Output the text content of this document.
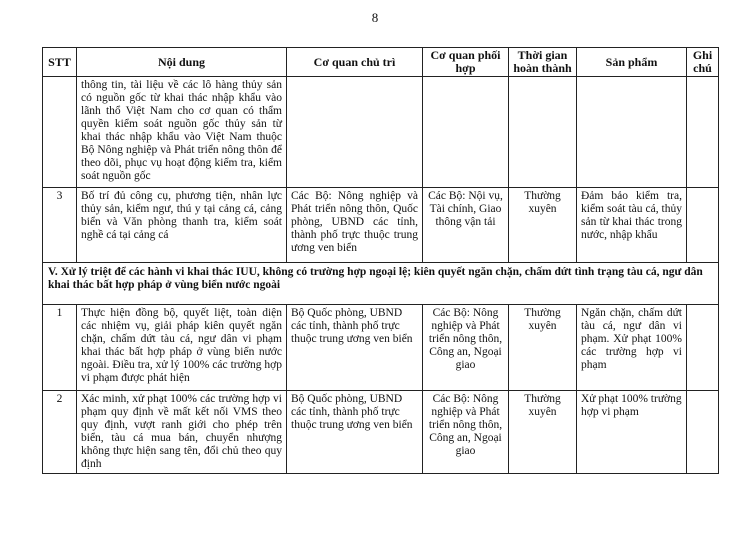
8
STT	Nội dung	Cơ quan chủ trì	Cơ quan phối hợp	Thời gian hoàn thành	Sản phẩm	Ghi chú
	thông tin, tài liệu về các lô hàng thủy sản có nguồn gốc từ khai thác nhập khẩu vào lãnh thổ Việt Nam cho cơ quan có thẩm quyền kiểm soát nguồn gốc thủy sản từ khai thác nhập khẩu vào Việt Nam thuộc Bộ Nông nghiệp và Phát triển nông thôn để theo dõi, phục vụ hoạt động kiểm tra, kiểm soát nguồn gốc					
3	Bố trí đủ công cụ, phương tiện, nhân lực thủy sản, kiểm ngư, thú y tại cảng cá, cảng biển và Văn phòng thanh tra, kiểm soát nghề cá tại cảng cá	Các Bộ: Nông nghiệp và Phát triển nông thôn, Quốc phòng, UBND các tỉnh, thành phố trực thuộc trung ương ven biển	Các Bộ: Nội vụ, Tài chính, Giao thông vận tải	Thường xuyên	Đảm bảo kiểm tra, kiểm soát tàu cá, thủy sản từ khai thác trong nước, nhập khẩu	
V. Xử lý triệt để các hành vi khai thác IUU, không có trường hợp ngoại lệ; kiên quyết ngăn chặn, chấm dứt tình trạng tàu cá, ngư dân khai thác bất hợp pháp ở vùng biển nước ngoài						
1	Thực hiện đồng bộ, quyết liệt, toàn diện các nhiệm vụ, giải pháp kiên quyết ngăn chặn, chấm dứt tàu cá, ngư dân vi phạm khai thác bất hợp pháp ở vùng biển nước ngoài. Điều tra, xử lý 100% các trường hợp vi phạm được phát hiện	Bộ Quốc phòng, UBND các tỉnh, thành phố trực thuộc trung ương ven biển	Các Bộ: Nông nghiệp và Phát triển nông thôn, Công an, Ngoại giao	Thường xuyên	Ngăn chặn, chấm dứt tàu cá, ngư dân vi phạm. Xử phạt 100% các trường hợp vi phạm	
2	Xác minh, xử phạt 100% các trường hợp vi phạm quy định về mất kết nối VMS theo quy định, vượt ranh giới cho phép trên biển, tàu cá mua bán, chuyển nhượng không thực hiện sang tên, đổi chủ theo quy định	Bộ Quốc phòng, UBND các tỉnh, thành phố trực thuộc trung ương ven biển	Các Bộ: Nông nghiệp và Phát triển nông thôn, Công an, Ngoại giao	Thường xuyên	Xử phạt 100% trường hợp vi phạm	
